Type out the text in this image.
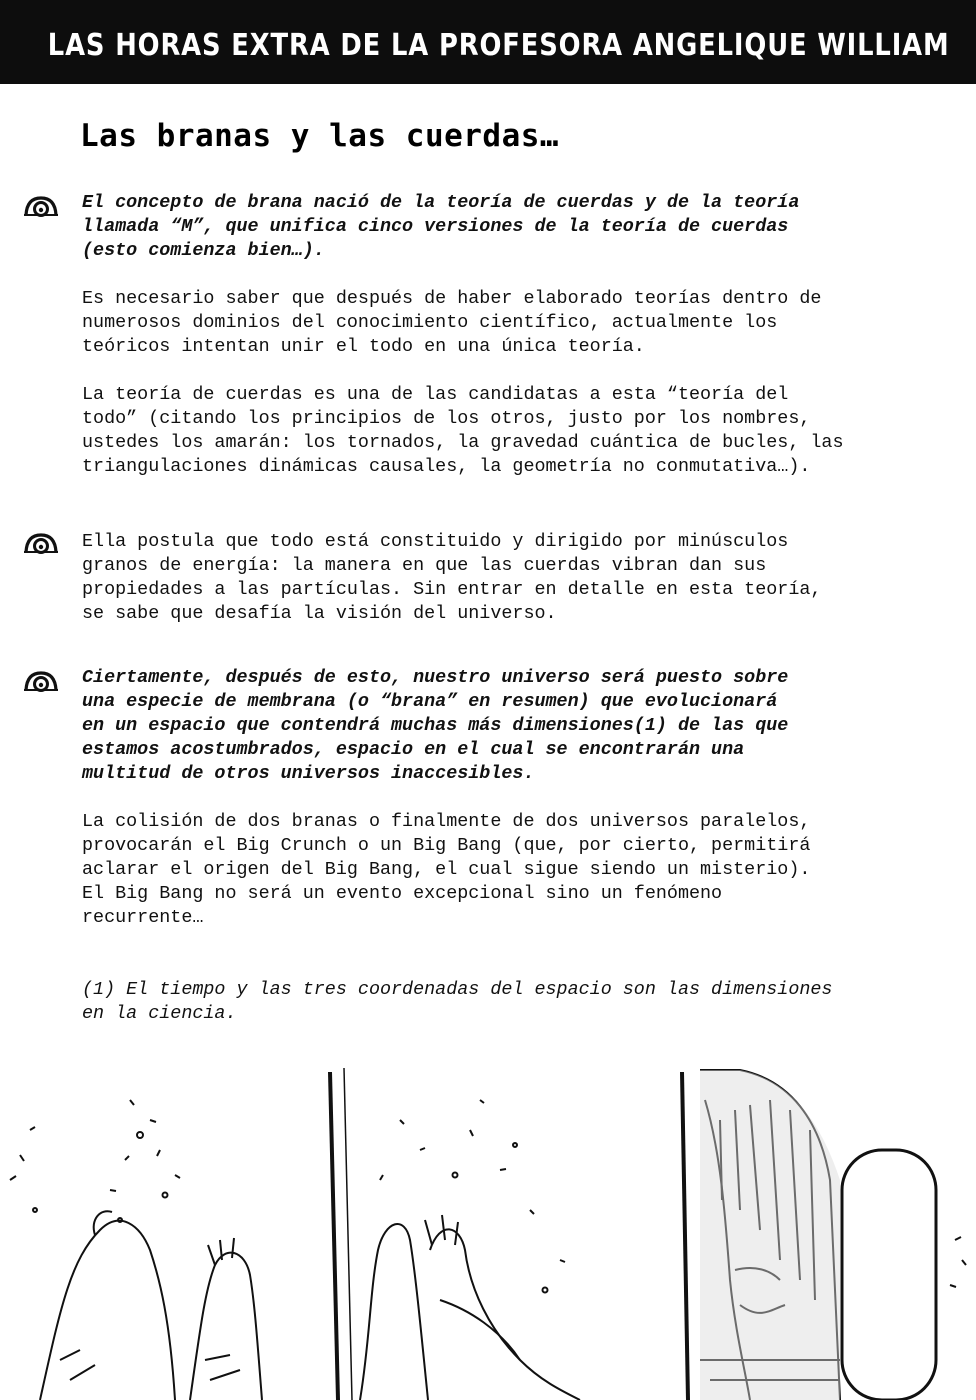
LAS HORAS EXTRA DE LA PROFESORA ANGELIQUE WILLIAM
Las branas y las cuerdas…
El concepto de brana nació de la teoría de cuerdas y de la teoría
llamada “M”, que unifica cinco versiones de la teoría de cuerdas
(esto comienza bien…).
Es necesario saber que después de haber elaborado teorías dentro de
numerosos dominios del conocimiento científico, actualmente los
teóricos intentan unir el todo en una única teoría.
La teoría de cuerdas es una de las candidatas a esta “teoría del
todo” (citando los principios de los otros, justo por los nombres,
ustedes los amarán: los tornados, la gravedad cuántica de bucles, las
triangulaciones dinámicas causales, la geometría no conmutativa…).
Ella postula que todo está constituido y dirigido por minúsculos
granos de energía: la manera en que las cuerdas vibran dan sus
propiedades a las partículas. Sin entrar en detalle en esta teoría,
se sabe que desafía la visión del universo.
Ciertamente, después de esto, nuestro universo será puesto sobre
una especie de membrana (o “brana” en resumen) que evolucionará
en un espacio que contendrá muchas más dimensiones(1) de las que
estamos acostumbrados, espacio en el cual se encontrarán una
multitud de otros universos inaccesibles.
La colisión de dos branas o finalmente de dos universos paralelos,
provocarán el Big Crunch o un Big Bang (que, por cierto, permitirá
aclarar el origen del Big Bang, el cual sigue siendo un misterio).
El Big Bang no será un evento excepcional sino un fenómeno
recurrente…
(1) El tiempo y las tres coordenadas del espacio son las dimensiones
en la ciencia.
